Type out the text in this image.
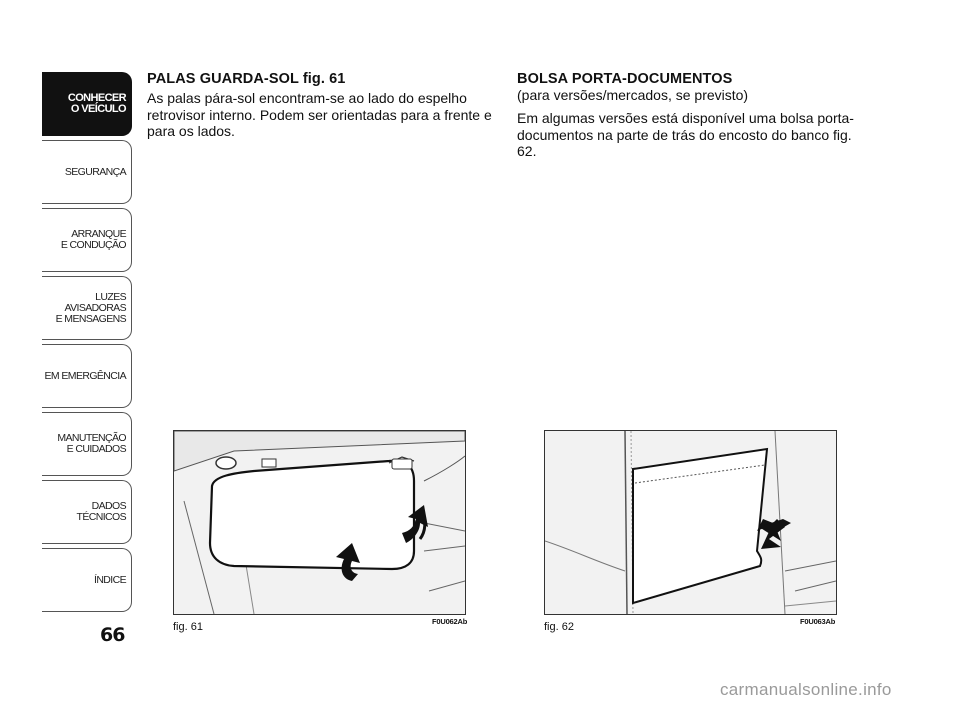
CONHECER
O VEÍCULO
SEGURANÇA
ARRANQUE
E CONDUÇÃO
LUZES
AVISADORAS
E MENSAGENS
EM EMERGÊNCIA
MANUTENÇÃO
E CUIDADOS
DADOS
TÉCNICOS
ÍNDICE
66

PALAS GUARDA-SOL fig. 61

As palas pára-sol encontram-se ao lado do espelho retrovisor interno. Podem ser orientadas para a frente e para os lados.

BOLSA PORTA-DOCUMENTOS

(para versões/mercados, se previsto)

Em algumas versões está disponível uma bolsa porta-documentos na parte de trás do encosto do banco fig. 62.

fig. 61	F0U062Ab	fig. 62	F0U063Ab
carmanualsonline.info
